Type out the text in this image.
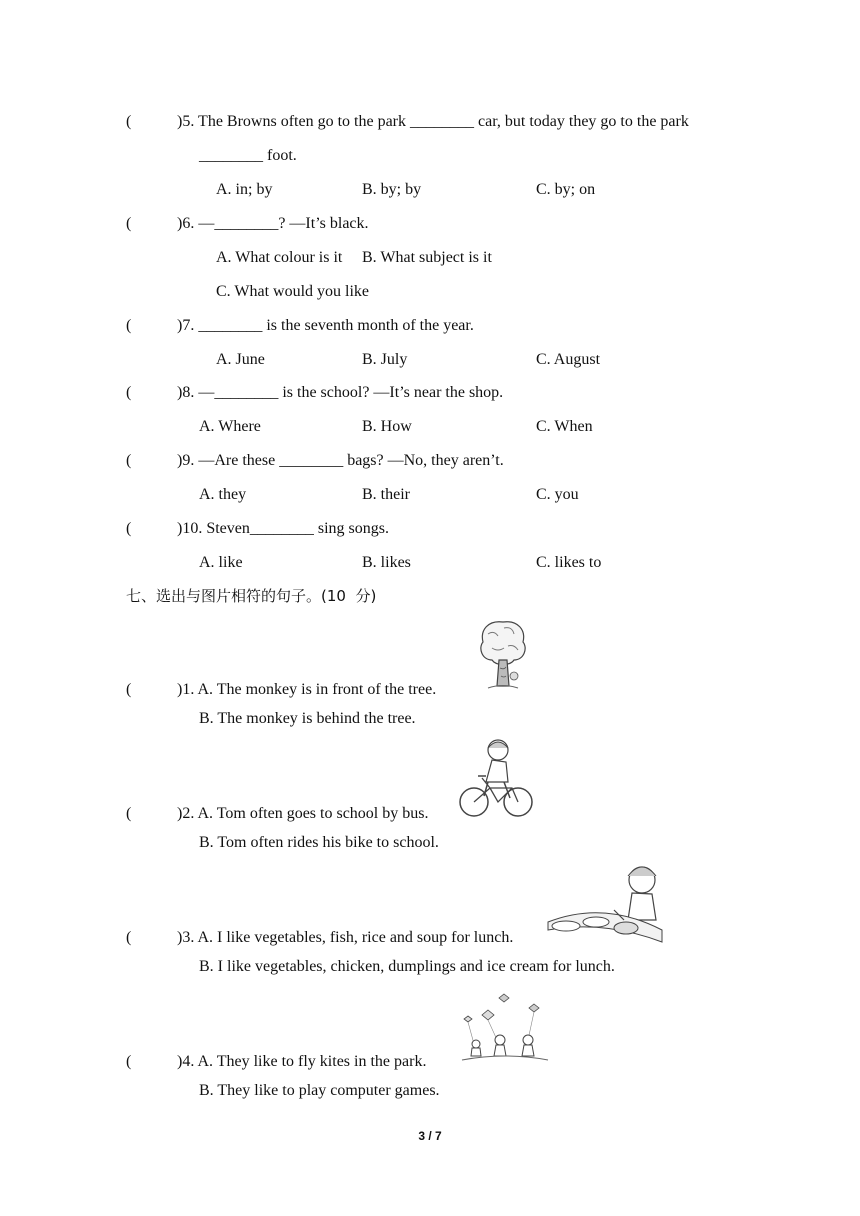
(	)5. The Browns often go to the park ________ car, but today they go to the park
________ foot.
A. in; by	B. by; by	C. by; on
(	)6. —________? —It’s black.
A. What colour is it B. What subject is it
C. What would you like
(	)7. ________ is the seventh month of the year.
A. June	B. July	C. August
(	)8. —________ is the school? —It’s near the shop.
A. Where	B. How	C. When
(	)9. —Are these ________ bags? —No, they aren’t.
A. they	B. their	C. you
(	)10. Steven________ sing songs.
A. like	B. likes	C. likes to
七、选出与图片相符的句子。(10  分)
(	)1. A. The monkey is in front of the tree.
B. The monkey is behind the tree.
(	)2. A. Tom often goes to school by bus.
B. Tom often rides his bike to school.
(	)3. A. I like vegetables, fish, rice and soup for lunch.
B. I like vegetables, chicken, dumplings and ice cream for lunch.
(	)4. A. They like to fly kites in the park.
B. They like to play computer games.
3 / 7
